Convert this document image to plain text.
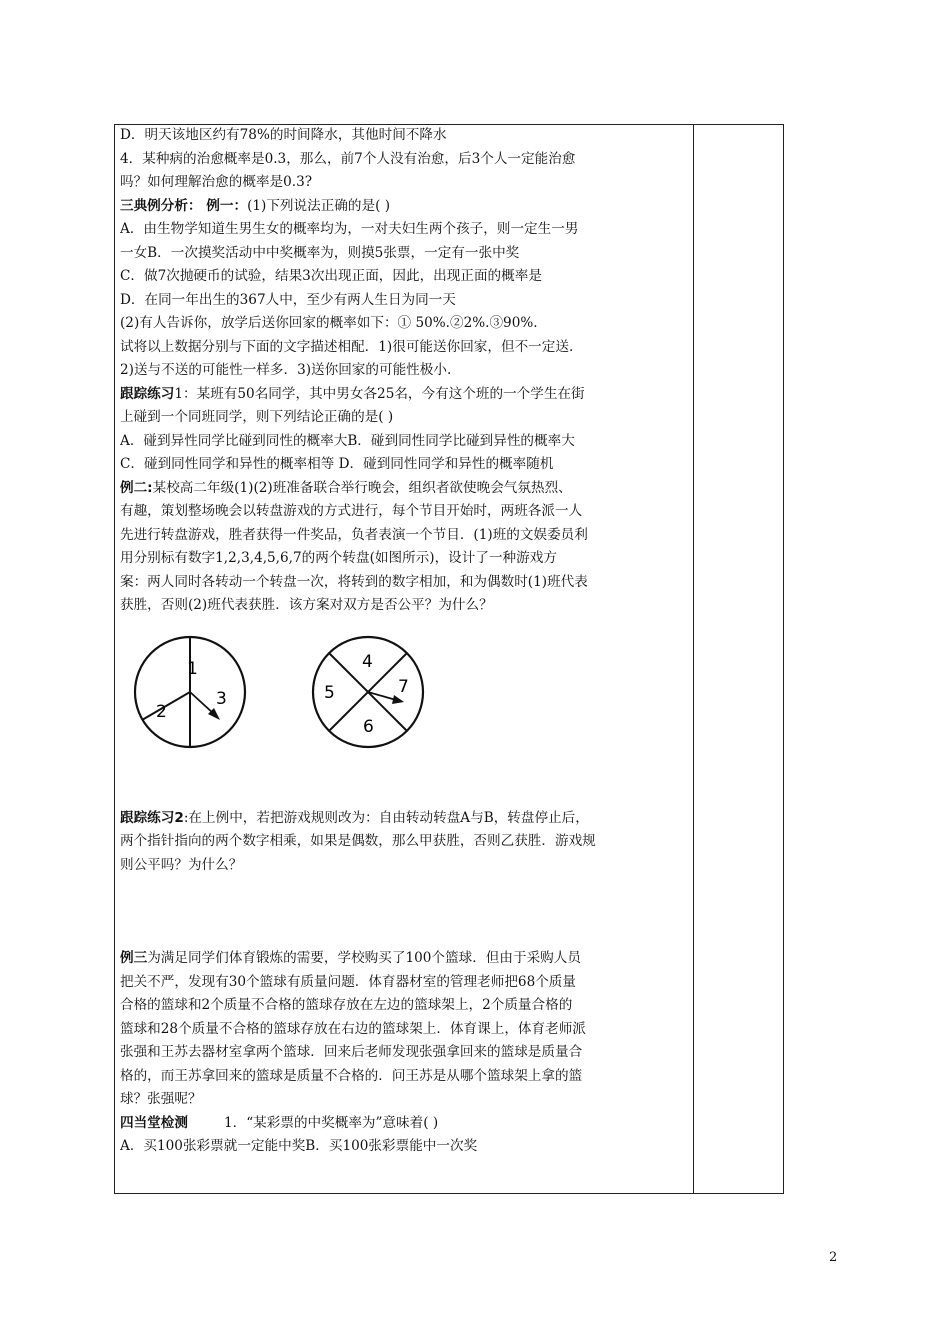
D．明天该地区约有78%的时间降水，其他时间不降水
4．某种病的治愈概率是0.3，那么，前7个人没有治愈，后3个人一定能治愈
吗？如何理解治愈的概率是0.3?
三典例分析： 例一：(1)下列说法正确的是( )
A．由生物学知道生男生女的概率均为，一对夫妇生两个孩子，则一定生一男
一女B．一次摸奖活动中中奖概率为，则摸5张票，一定有一张中奖
C．做7次抛硬币的试验，结果3次出现正面，因此，出现正面的概率是
D．在同一年出生的367人中，至少有两人生日为同一天
(2)有人告诉你，放学后送你回家的概率如下：① 50%.②2%.③90%.
试将以上数据分别与下面的文字描述相配．1)很可能送你回家，但不一定送.
2)送与不送的可能性一样多．3)送你回家的可能性极小.
跟踪练习1：某班有50名同学，其中男女各25名，今有这个班的一个学生在街
上碰到一个同班同学，则下列结论正确的是( )
A．碰到异性同学比碰到同性的概率大B．碰到同性同学比碰到异性的概率大
C．碰到同性同学和异性的概率相等 D．碰到同性同学和异性的概率随机
例二:某校高二年级(1)(2)班准备联合举行晚会，组织者欲使晚会气氛热烈、
有趣，策划整场晚会以转盘游戏的方式进行，每个节目开始时，两班各派一人
先进行转盘游戏，胜者获得一件奖品，负者表演一个节目．(1)班的文娱委员利
用分别标有数字1,2,3,4,5,6,7的两个转盘(如图所示)，设计了一种游戏方
案：两人同时各转动一个转盘一次，将转到的数字相加，和为偶数时(1)班代表
获胜，否则(2)班代表获胜．该方案对双方是否公平？为什么？
1
2
3
4
5
6
7
跟踪练习2:在上例中，若把游戏规则改为：自由转动转盘A与B，转盘停止后，
两个指针指向的两个数字相乘，如果是偶数，那么甲获胜，否则乙获胜．游戏规
则公平吗？为什么？
例三为满足同学们体育锻炼的需要，学校购买了100个篮球．但由于采购人员
把关不严，发现有30个篮球有质量问题．体育器材室的管理老师把68个质量
合格的篮球和2个质量不合格的篮球存放在左边的篮球架上，2个质量合格的
篮球和28个质量不合格的篮球存放在右边的篮球架上．体育课上，体育老师派
张强和王苏去器材室拿两个篮球．回来后老师发现张强拿回来的篮球是质量合
格的，而王苏拿回来的篮球是质量不合格的．问王苏是从哪个篮球架上拿的篮
球？张强呢？
四当堂检测	1．“某彩票的中奖概率为”意味着( )
A．买100张彩票就一定能中奖B．买100张彩票能中一次奖
2
